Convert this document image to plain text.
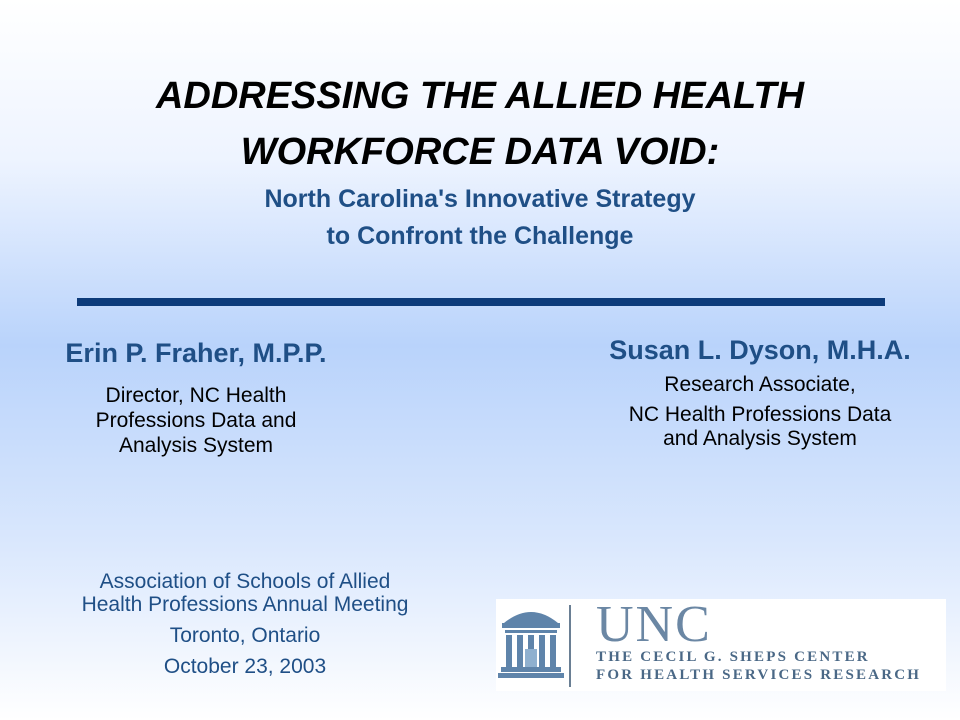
ADDRESSING THE ALLIED HEALTH
WORKFORCE DATA VOID:
North Carolina's Innovative Strategy
to Confront the Challenge
Erin P. Fraher, M.P.P.
Director, NC Health
Professions Data and
Analysis System
Susan L. Dyson, M.H.A.
Research Associate,
NC Health Professions Data
and Analysis System
Association of Schools of Allied
Health Professions Annual Meeting
Toronto, Ontario
October 23, 2003
UNC
THE CECIL G. SHEPS CENTER
FOR HEALTH SERVICES RESEARCH
